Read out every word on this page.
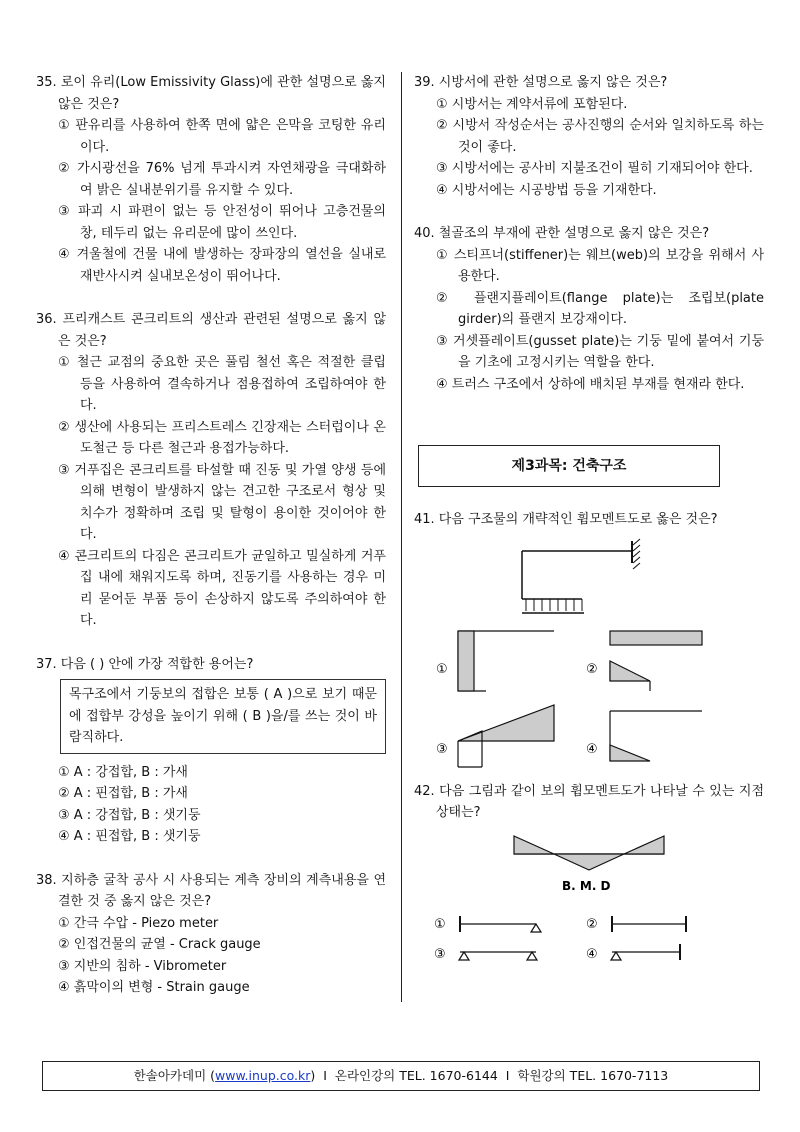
35. 로이 유리(Low Emissivity Glass)에 관한 설명으로 옳지 않은 것은?
① 판유리를 사용하여 한쪽 면에 얇은 은막을 코팅한 유리이다.
② 가시광선을 76% 넘게 투과시켜 자연채광을 극대화하여 밝은 실내분위기를 유지할 수 있다.
③ 파괴 시 파편이 없는 등 안전성이 뛰어나 고층건물의 창, 테두리 없는 유리문에 많이 쓰인다.
④ 겨울철에 건물 내에 발생하는 장파장의 열선을 실내로 재반사시켜 실내보온성이 뛰어나다.
36. 프리캐스트 콘크리트의 생산과 관련된 설명으로 옳지 않은 것은?
① 철근 교점의 중요한 곳은 풀림 철선 혹은 적절한 클립 등을 사용하여 결속하거나 점용접하여 조립하여야 한다.
② 생산에 사용되는 프리스트레스 긴장재는 스터럽이나 온도철근 등 다른 철근과 용접가능하다.
③ 거푸집은 콘크리트를 타설할 때 진동 및 가열 양생 등에 의해 변형이 발생하지 않는 견고한 구조로서 형상 및 치수가 정확하며 조립 및 탈형이 용이한 것이어야 한다.
④ 콘크리트의 다짐은 콘크리트가 균일하고 밀실하게 거푸집 내에 채워지도록 하며, 진동기를 사용하는 경우 미리 묻어둔 부품 등이 손상하지 않도록 주의하여야 한다.
37. 다음 ( ) 안에 가장 적합한 용어는?
목구조에서 기둥보의 접합은 보통 ( A )으로 보기 때문에 접합부 강성을 높이기 위해 ( B )을/를 쓰는 것이 바람직하다.
① A : 강접합, B : 가새
② A : 핀접합, B : 가새
③ A : 강접합, B : 샛기둥
④ A : 핀접합, B : 샛기둥
38. 지하층 굴착 공사 시 사용되는 계측 장비의 계측내용을 연결한 것 중 옳지 않은 것은?
① 간극 수압 - Piezo meter
② 인접건물의 균열 - Crack gauge
③ 지반의 침하 - Vibrometer
④ 흙막이의 변형 - Strain gauge
39. 시방서에 관한 설명으로 옳지 않은 것은?
① 시방서는 계약서류에 포함된다.
② 시방서 작성순서는 공사진행의 순서와 일치하도록 하는 것이 좋다.
③ 시방서에는 공사비 지불조건이 필히 기재되어야 한다.
④ 시방서에는 시공방법 등을 기재한다.
40. 철골조의 부재에 관한 설명으로 옳지 않은 것은?
① 스티프너(stiffener)는 웨브(web)의 보강을 위해서 사용한다.
② 플랜지플레이트(flange plate)는 조립보(plate girder)의 플랜지 보강재이다.
③ 거셋플레이트(gusset plate)는 기둥 밑에 붙여서 기둥을 기초에 고정시키는 역할을 한다.
④ 트러스 구조에서 상하에 배치된 부재를 현재라 한다.
제3과목: 건축구조
41. 다음 구조물의 개략적인 휨모멘트도로 옳은 것은?
①	②
③	④
42. 다음 그림과 같이 보의 휨모멘트도가 나타날 수 있는 지점상태는?
B. M. D
①	②
③	④
한솔아카데미 (www.inup.co.kr)  I 온라인강의 TEL. 1670-6144 I 학원강의 TEL. 1670-7113
